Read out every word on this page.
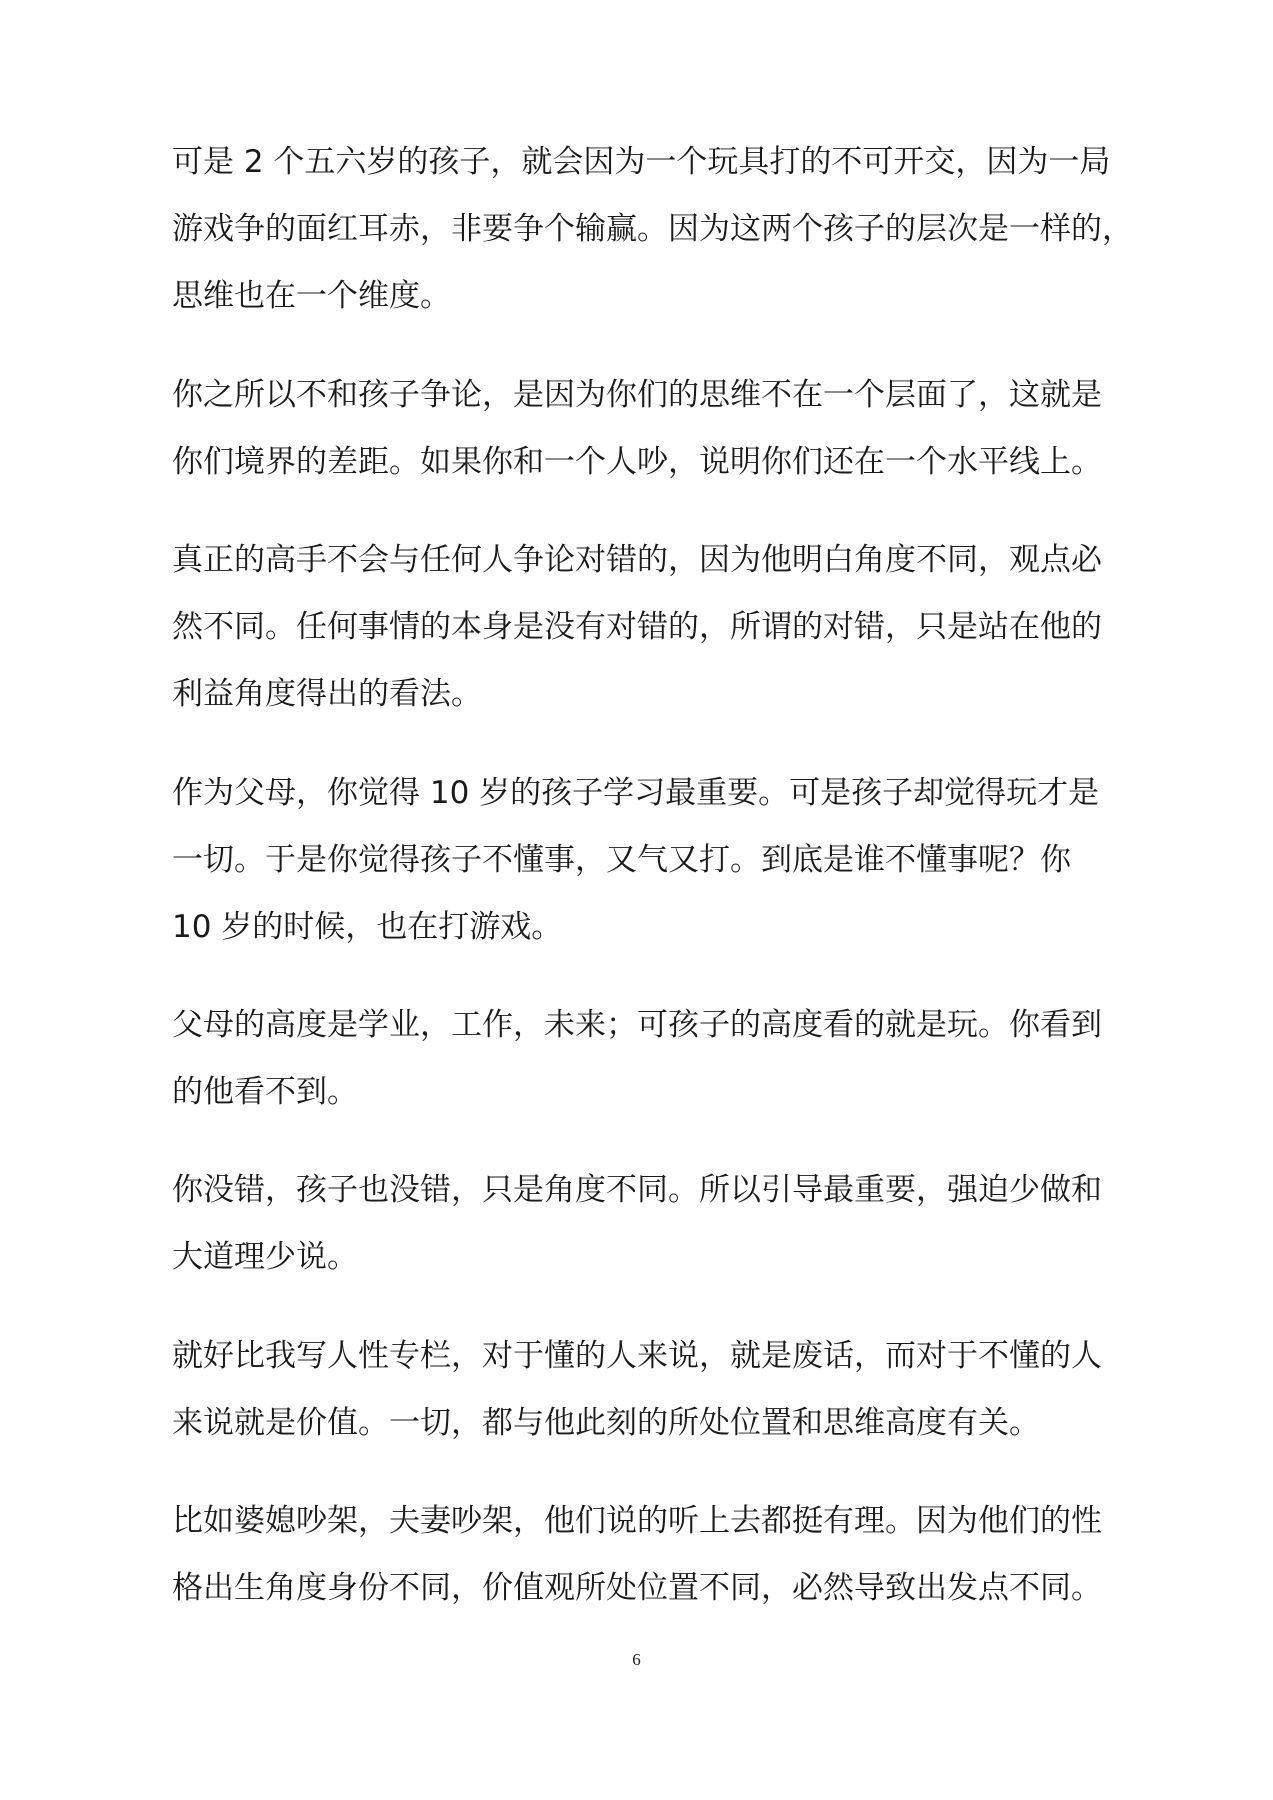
可是 2 个五六岁的孩子，就会因为一个玩具打的不可开交，因为一局
游戏争的面红耳赤，非要争个输赢。因为这两个孩子的层次是一样的，
思维也在一个维度。
你之所以不和孩子争论，是因为你们的思维不在一个层面了，这就是
你们境界的差距。如果你和一个人吵，说明你们还在一个水平线上。
真正的高手不会与任何人争论对错的，因为他明白角度不同，观点必
然不同。任何事情的本身是没有对错的，所谓的对错，只是站在他的
利益角度得出的看法。
作为父母，你觉得 10 岁的孩子学习最重要。可是孩子却觉得玩才是
一切。于是你觉得孩子不懂事，又气又打。到底是谁不懂事呢？你
10 岁的时候，也在打游戏。
父母的高度是学业，工作，未来；可孩子的高度看的就是玩。你看到
的他看不到。
你没错，孩子也没错，只是角度不同。所以引导最重要，强迫少做和
大道理少说。
就好比我写人性专栏，对于懂的人来说，就是废话，而对于不懂的人
来说就是价值。一切，都与他此刻的所处位置和思维高度有关。
比如婆媳吵架，夫妻吵架，他们说的听上去都挺有理。因为他们的性
格出生角度身份不同，价值观所处位置不同，必然导致出发点不同。
6
